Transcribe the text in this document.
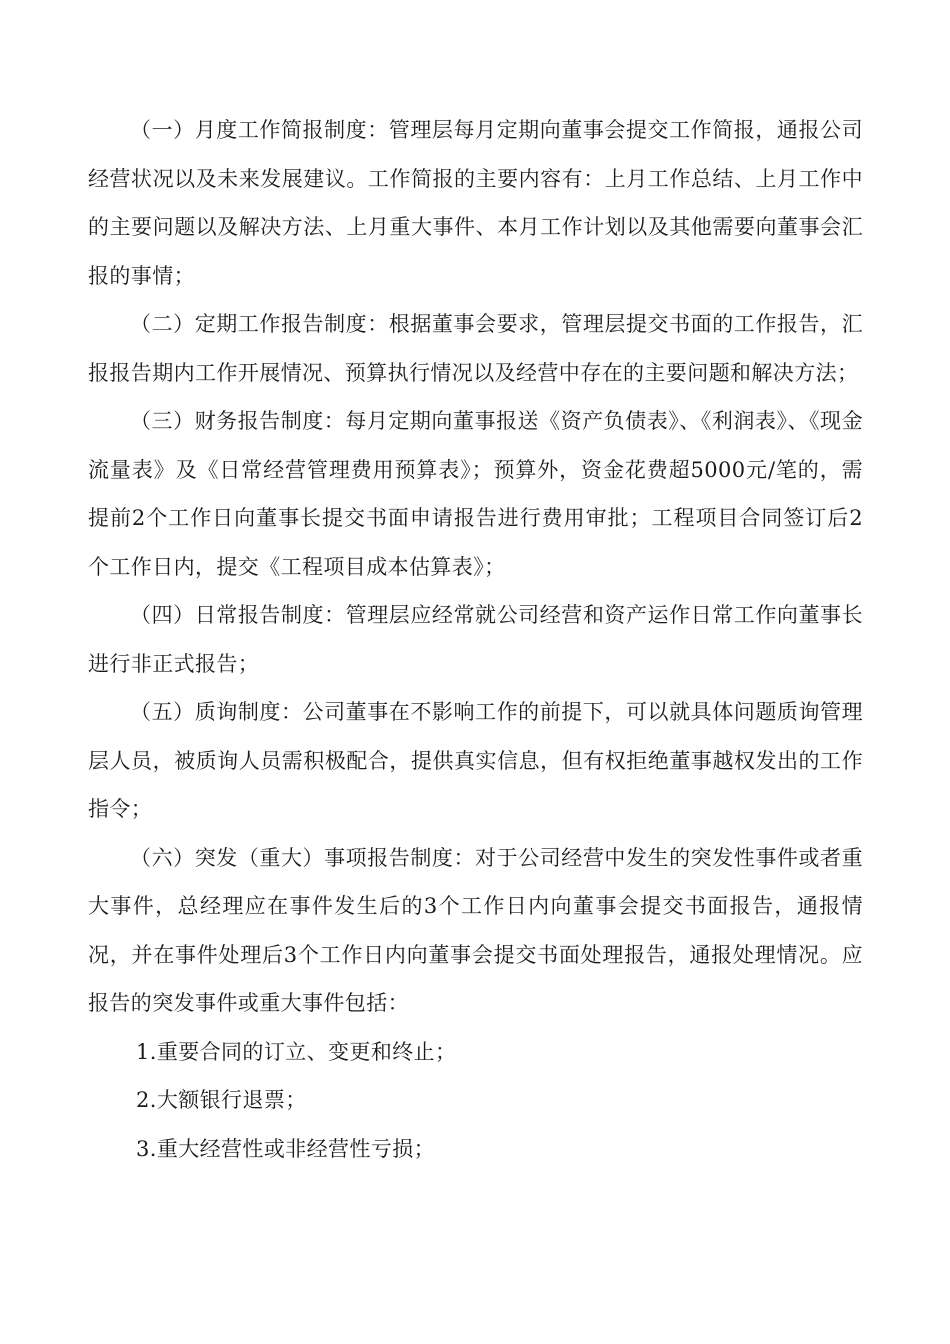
（一）月度工作简报制度：管理层每月定期向董事会提交工作简报，通报公司经营状况以及未来发展建议。工作简报的主要内容有：上月工作总结、上月工作中的主要问题以及解决方法、上月重大事件、本月工作计划以及其他需要向董事会汇报的事情；

（二）定期工作报告制度：根据董事会要求，管理层提交书面的工作报告，汇报报告期内工作开展情况、预算执行情况以及经营中存在的主要问题和解决方法；

（三）财务报告制度：每月定期向董事报送《资产负债表》、《利润表》、《现金流量表》及《日常经营管理费用预算表》；预算外，资金花费超5000元/笔的，需提前2个工作日向董事长提交书面申请报告进行费用审批；工程项目合同签订后2个工作日内，提交《工程项目成本估算表》；

（四）日常报告制度：管理层应经常就公司经营和资产运作日常工作向董事长进行非正式报告；

（五）质询制度：公司董事在不影响工作的前提下，可以就具体问题质询管理层人员，被质询人员需积极配合，提供真实信息，但有权拒绝董事越权发出的工作指令；

（六）突发（重大）事项报告制度：对于公司经营中发生的突发性事件或者重大事件，总经理应在事件发生后的3个工作日内向董事会提交书面报告，通报情况，并在事件处理后3个工作日内向董事会提交书面处理报告，通报处理情况。应报告的突发事件或重大事件包括：

1.重要合同的订立、变更和终止；

2.大额银行退票；

3.重大经营性或非经营性亏损；
